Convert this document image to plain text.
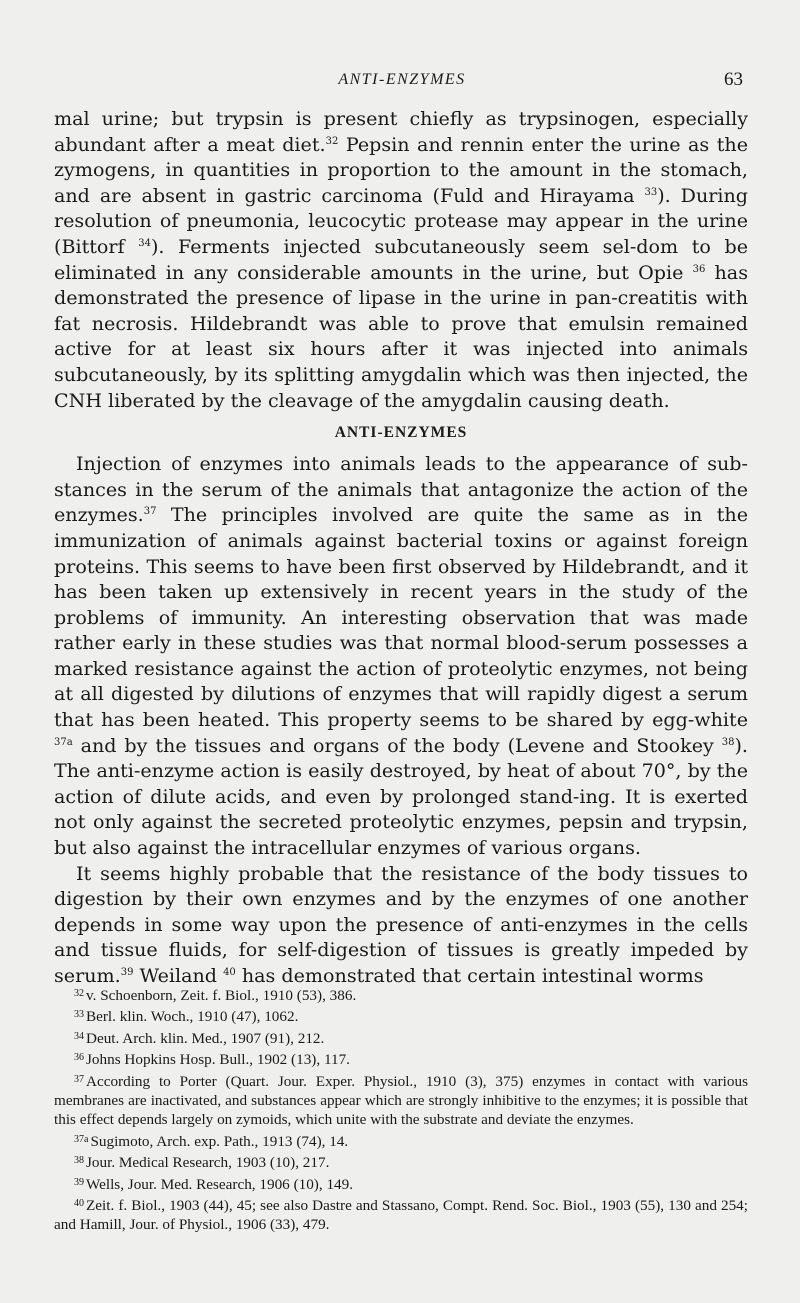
ANTI-ENZYMES	63

mal urine; but trypsin is present chiefly as trypsinogen, especially abundant after a meat diet.$^{32}$ Pepsin and rennin enter the urine as the zymogens, in quantities in proportion to the amount in the stomach, and are absent in gastric carcinoma (Fuld and Hirayama $^{33}$). During resolution of pneumonia, leucocytic protease may appear in the urine (Bittorf $^{34}$). Ferments injected subcutaneously seem sel-dom to be eliminated in any considerable amounts in the urine, but Opie $^{36}$ has demonstrated the presence of lipase in the urine in pan-creatitis with fat necrosis. Hildebrandt was able to prove that emulsin remained active for at least six hours after it was injected into animals subcutaneously, by its splitting amygdalin which was then injected, the CNH liberated by the cleavage of the amygdalin causing death.

ANTI-ENZYMES

Injection of enzymes into animals leads to the appearance of sub-stances in the serum of the animals that antagonize the action of the enzymes.$^{37}$ The principles involved are quite the same as in the immunization of animals against bacterial toxins or against foreign proteins. This seems to have been first observed by Hildebrandt, and it has been taken up extensively in recent years in the study of the problems of immunity. An interesting observation that was made rather early in these studies was that normal blood-serum possesses a marked resistance against the action of proteolytic enzymes, not being at all digested by dilutions of enzymes that will rapidly digest a serum that has been heated. This property seems to be shared by egg-white $^{37a}$ and by the tissues and organs of the body (Levene and Stookey $^{38}$). The anti-enzyme action is easily destroyed, by heat of about 70°, by the action of dilute acids, and even by prolonged stand-ing. It is exerted not only against the secreted proteolytic enzymes, pepsin and trypsin, but also against the intracellular enzymes of various organs.

It seems highly probable that the resistance of the body tissues to digestion by their own enzymes and by the enzymes of one another depends in some way upon the presence of anti-enzymes in the cells and tissue fluids, for self-digestion of tissues is greatly impeded by serum.$^{39}$ Weiland $^{40}$ has demonstrated that certain intestinal worms

$^{32}$ v. Schoenborn, Zeit. f. Biol., 1910 (53), 386.
$^{33}$ Berl. klin. Woch., 1910 (47), 1062.
$^{34}$ Deut. Arch. klin. Med., 1907 (91), 212.
$^{36}$ Johns Hopkins Hosp. Bull., 1902 (13), 117.
$^{37}$ According to Porter (Quart. Jour. Exper. Physiol., 1910 (3), 375) enzymes in contact with various membranes are inactivated, and substances appear which are strongly inhibitive to the enzymes; it is possible that this effect depends largely on zymoids, which unite with the substrate and deviate the enzymes.
$^{37a}$ Sugimoto, Arch. exp. Path., 1913 (74), 14.
$^{38}$ Jour. Medical Research, 1903 (10), 217.
$^{39}$ Wells, Jour. Med. Research, 1906 (10), 149.
$^{40}$ Zeit. f. Biol., 1903 (44), 45; see also Dastre and Stassano, Compt. Rend. Soc. Biol., 1903 (55), 130 and 254; and Hamill, Jour. of Physiol., 1906 (33), 479.
